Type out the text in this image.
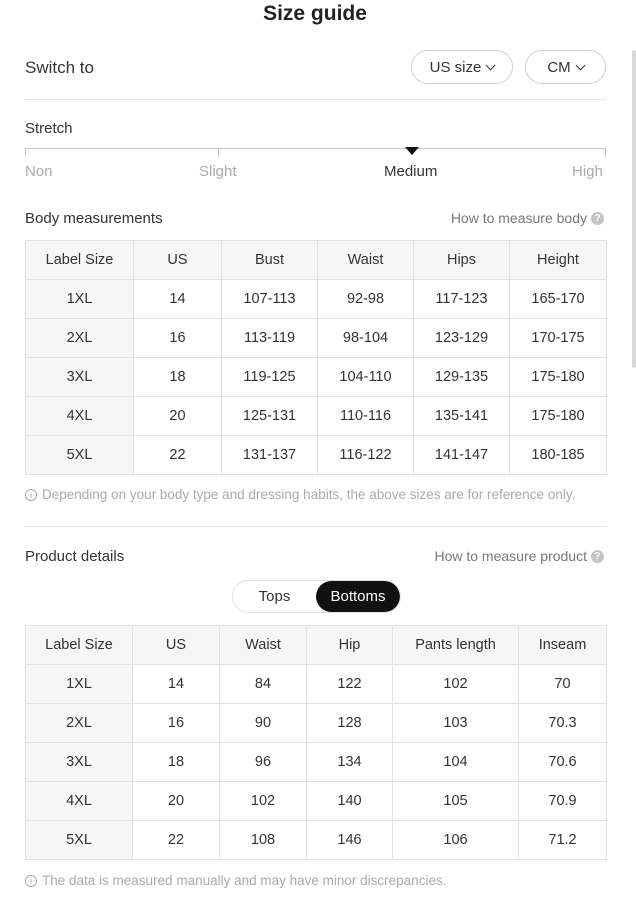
Size guide
Switch to	US size	CM
Stretch
Non	Slight	Medium	High
Body measurements	How to measure body ?
Label Size	US	Bust	Waist	Hips	Height
1XL	14	107-113	92-98	117-123	165-170
2XL	16	113-119	98-104	123-129	170-175
3XL	18	119-125	104-110	129-135	175-180
4XL	20	125-131	110-116	135-141	175-180
5XL	22	131-137	116-122	141-147	180-185
i Depending on your body type and dressing habits, the above sizes are for reference only.
Product details	How to measure product ?
Tops	Bottoms
Label Size	US	Waist	Hip	Pants length	Inseam
1XL	14	84	122	102	70
2XL	16	90	128	103	70.3
3XL	18	96	134	104	70.6
4XL	20	102	140	105	70.9
5XL	22	108	146	106	71.2
i The data is measured manually and may have minor discrepancies.
